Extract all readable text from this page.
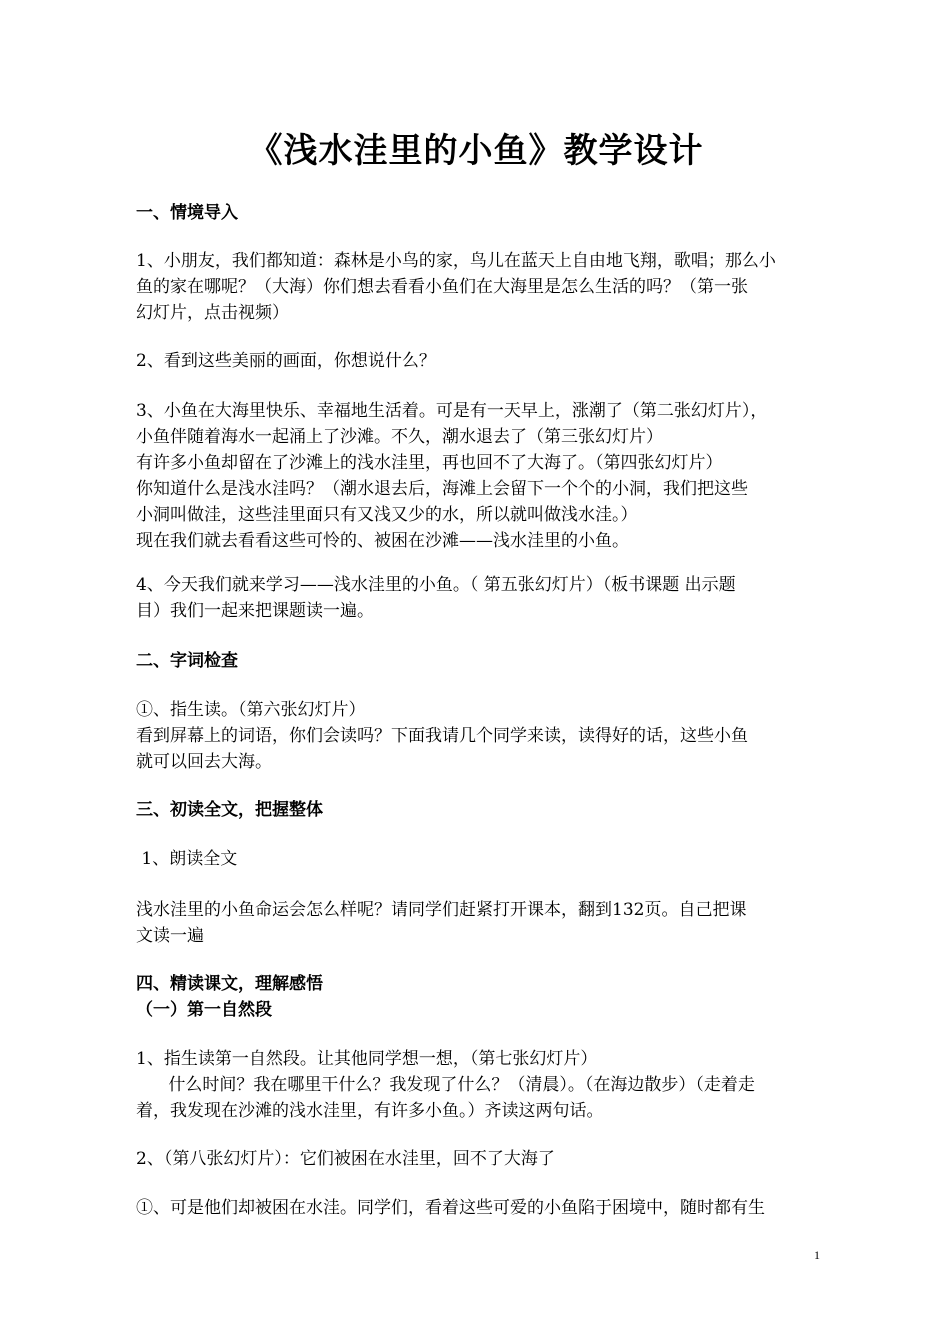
《浅水洼里的小鱼》教学设计
一、情境导入
1、小朋友，我们都知道：森林是小鸟的家，鸟儿在蓝天上自由地飞翔，歌唱；那么小
鱼的家在哪呢？（大海）你们想去看看小鱼们在大海里是怎么生活的吗？（第一张
幻灯片，点击视频）
2、看到这些美丽的画面，你想说什么？
3、小鱼在大海里快乐、幸福地生活着。可是有一天早上，涨潮了（第二张幻灯片），
小鱼伴随着海水一起涌上了沙滩。不久，潮水退去了（第三张幻灯片）
有许多小鱼却留在了沙滩上的浅水洼里，再也回不了大海了。（第四张幻灯片）
你知道什么是浅水洼吗？（潮水退去后，海滩上会留下一个个的小洞，我们把这些
小洞叫做洼，这些洼里面只有又浅又少的水，所以就叫做浅水洼。）
现在我们就去看看这些可怜的、被困在沙滩——浅水洼里的小鱼。
4、今天我们就来学习——浅水洼里的小鱼。（ 第五张幻灯片）（板书课题 出示题
目）我们一起来把课题读一遍。
二、字词检查
①、指生读。（第六张幻灯片）
看到屏幕上的词语，你们会读吗？下面我请几个同学来读，读得好的话，这些小鱼
就可以回去大海。
三、初读全文，把握整体
1、朗读全文
浅水洼里的小鱼命运会怎么样呢？请同学们赶紧打开课本，翻到132页。自己把课
文读一遍
四、精读课文，理解感悟
（一）第一自然段
1、指生读第一自然段。让其他同学想一想，（第七张幻灯片）
什么时间？我在哪里干什么？我发现了什么？（清晨）。（在海边散步）（走着走
着，我发现在沙滩的浅水洼里，有许多小鱼。）齐读这两句话。
2、（第八张幻灯片）：它们被困在水洼里，回不了大海了
①、可是他们却被困在水洼。同学们，看着这些可爱的小鱼陷于困境中，随时都有生
1
